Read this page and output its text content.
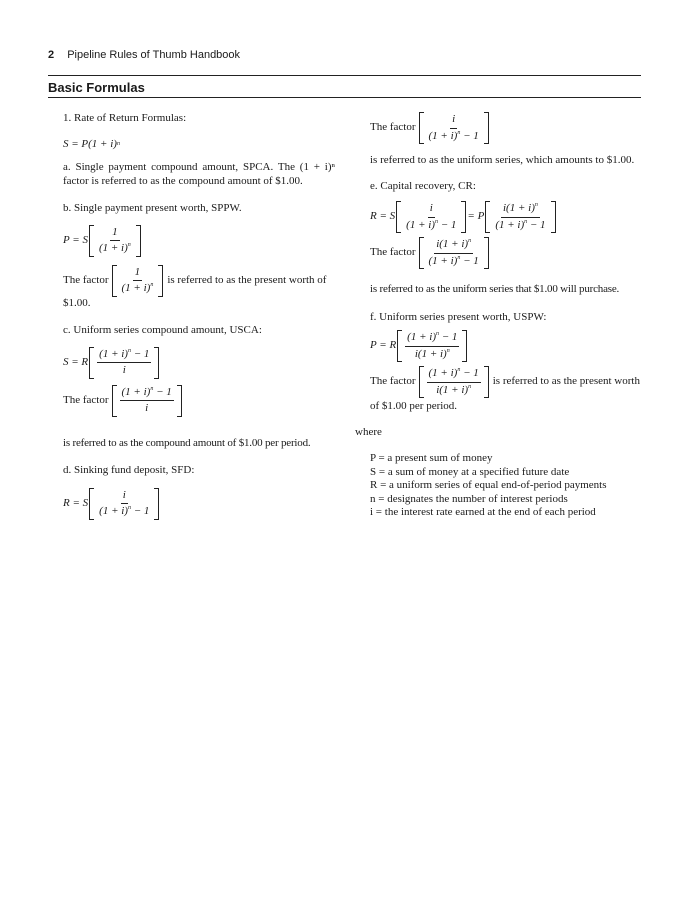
2 Pipeline Rules of Thumb Handbook
Basic Formulas

1. Rate of Return Formulas:

S = P(1 + i) n

a. Single payment compound amount, SPCA. The (1 + i)ⁿ factor is referred to as the compound amount of $1.00.

b. Single payment present worth, SPPW.

P = S $\frac{1}{(1 + i)^n}$
The factor $\frac{1}{(1 + i)^n}$ is referred to as the present worth of

$1.00.

c. Uniform series compound amount, USCA:

S = R $\frac{(1 + i)^n - 1}{i}$
The factor $\frac{(1 + i)^n - 1}{i}$

is referred to as the compound amount of $1.00 per period.

d. Sinking fund deposit, SFD:

R = S $\frac{i}{(1 + i)^n - 1}$
The factor $\frac{i}{(1 + i)^n - 1}$

is referred to as the uniform series, which amounts to $1.00.

e. Capital recovery, CR:

R = S $\frac{i}{(1 + i)^n - 1} = P \frac{i(1 + i)^n}{(1 + i)^n - 1}$
The factor $\frac{i(1 + i)^n}{(1 + i)^n - 1}$

is referred to as the uniform series that $1.00 will purchase.

f. Uniform series present worth, USPW:

P = R $\frac{(1 + i)^n - 1}{i(1 + i)^n}$
The factor $\frac{(1 + i)^n - 1}{i(1 + i)^n}$ is referred to as the present worth

of $1.00 per period.

where

P = a present sum of money
S = a sum of money at a specified future date
R = a uniform series of equal end-of-period payments
n = designates the number of interest periods
i = the interest rate earned at the end of each period
